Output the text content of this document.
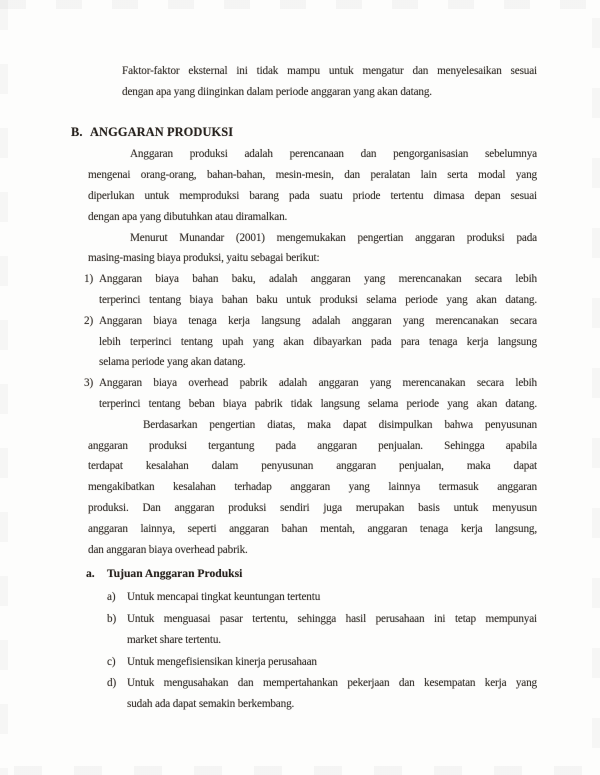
Faktor-faktor eksternal ini tidak mampu untuk mengatur dan menyelesaikan sesuai
dengan apa yang diinginkan dalam periode anggaran yang akan datang.
B. ANGGARAN PRODUKSI
Anggaran produksi adalah perencanaan dan pengorganisasian sebelumnya
mengenai orang-orang, bahan-bahan, mesin-mesin, dan peralatan lain serta modal yang
diperlukan untuk memproduksi barang pada suatu priode tertentu dimasa depan sesuai
dengan apa yang dibutuhkan atau diramalkan.
Menurut Munandar (2001) mengemukakan pengertian anggaran produksi pada
masing-masing biaya produksi, yaitu sebagai berikut:
1) Anggaran biaya bahan baku, adalah anggaran yang merencanakan secara lebih
terperinci tentang biaya bahan baku untuk produksi selama periode yang akan datang.
2) Anggaran biaya tenaga kerja langsung adalah anggaran yang merencanakan secara
lebih terperinci tentang upah yang akan dibayarkan pada para tenaga kerja langsung
selama periode yang akan datang.
3) Anggaran biaya overhead pabrik adalah anggaran yang merencanakan secara lebih
terperinci tentang beban biaya pabrik tidak langsung selama periode yang akan datang.
Berdasarkan pengertian diatas, maka dapat disimpulkan bahwa penyusunan
anggaran produksi tergantung pada anggaran penjualan. Sehingga apabila
terdapat kesalahan dalam penyusunan anggaran penjualan, maka dapat
mengakibatkan kesalahan terhadap anggaran yang lainnya termasuk anggaran
produksi. Dan anggaran produksi sendiri juga merupakan basis untuk menyusun
anggaran lainnya, seperti anggaran bahan mentah, anggaran tenaga kerja langsung,
dan anggaran biaya overhead pabrik.
a. Tujuan Anggaran Produksi
a) Untuk mencapai tingkat keuntungan tertentu
b) Untuk menguasai pasar tertentu, sehingga hasil perusahaan ini tetap mempunyai
market share tertentu.
c) Untuk mengefisiensikan kinerja perusahaan
d) Untuk mengusahakan dan mempertahankan pekerjaan dan kesempatan kerja yang
sudah ada dapat semakin berkembang.
